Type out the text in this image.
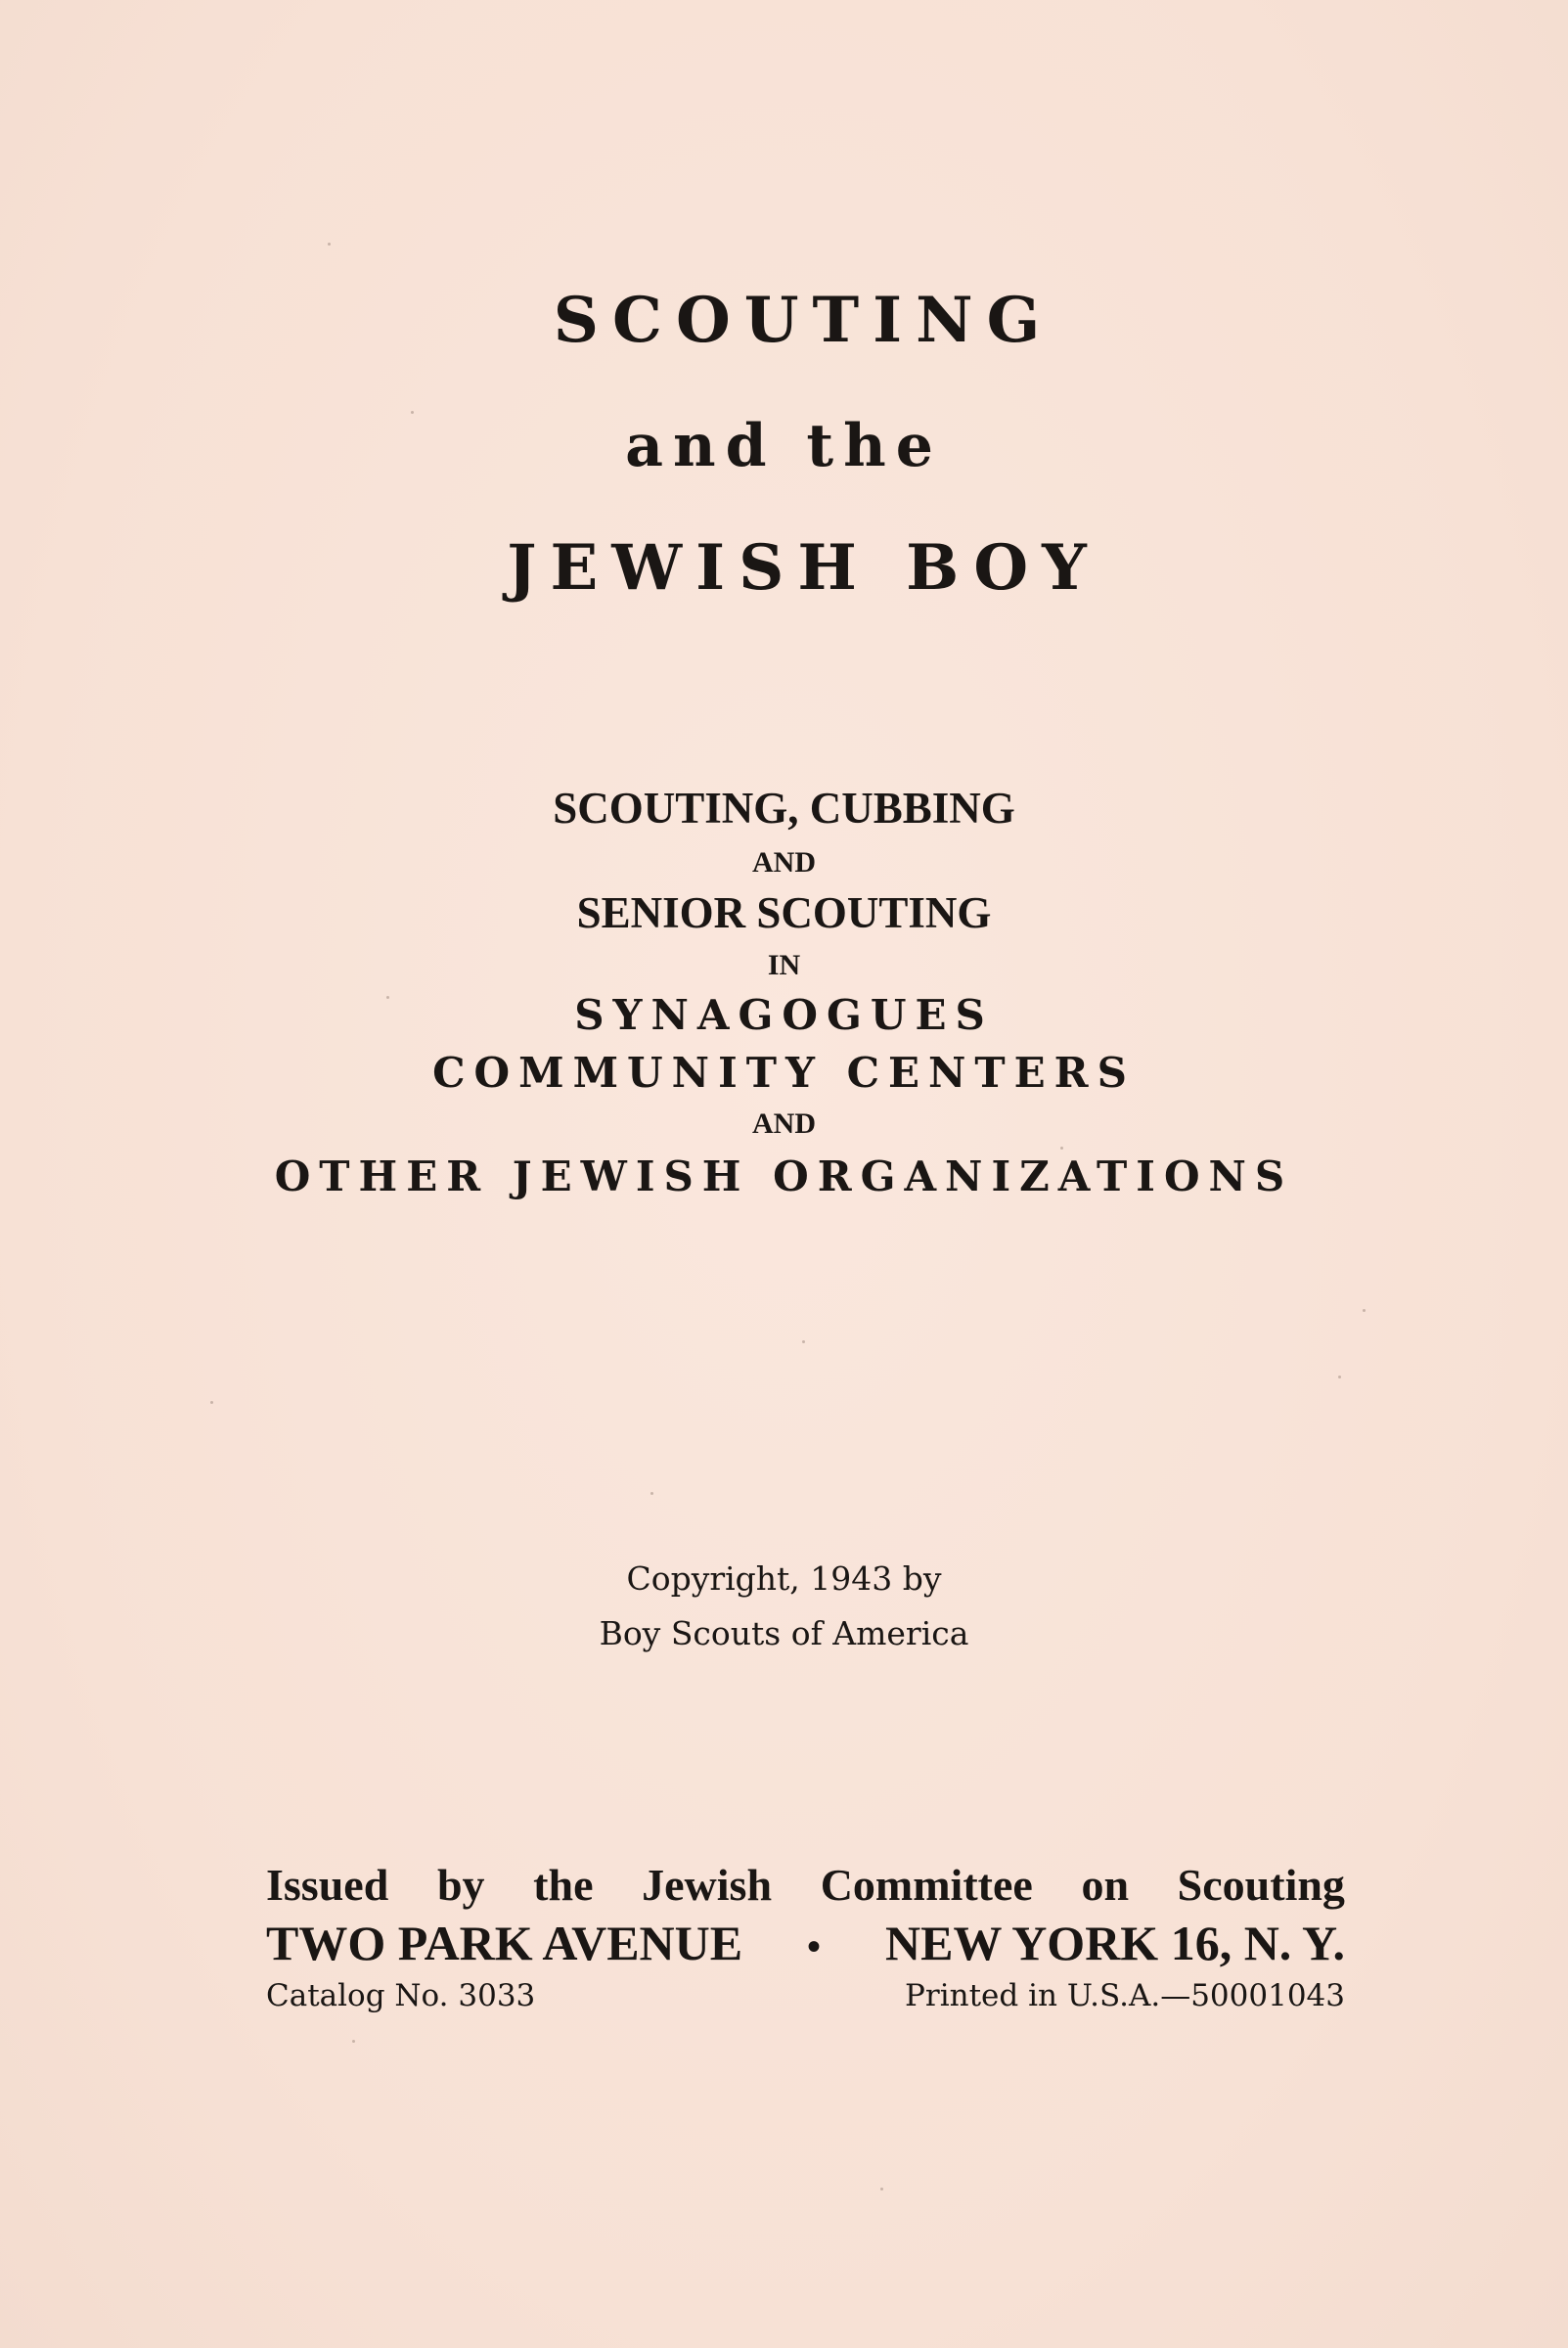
SCOUTING
and the
JEWISH BOY
SCOUTING, CUBBING
AND
SENIOR SCOUTING
IN
SYNAGOGUES
COMMUNITY CENTERS
AND
OTHER JEWISH ORGANIZATIONS
Copyright, 1943 by
Boy Scouts of America
Issued by the Jewish Committee on Scouting
TWO PARK AVENUE • NEW YORK 16, N. Y.
Catalog No. 3033	Printed in U.S.A.—50001043
